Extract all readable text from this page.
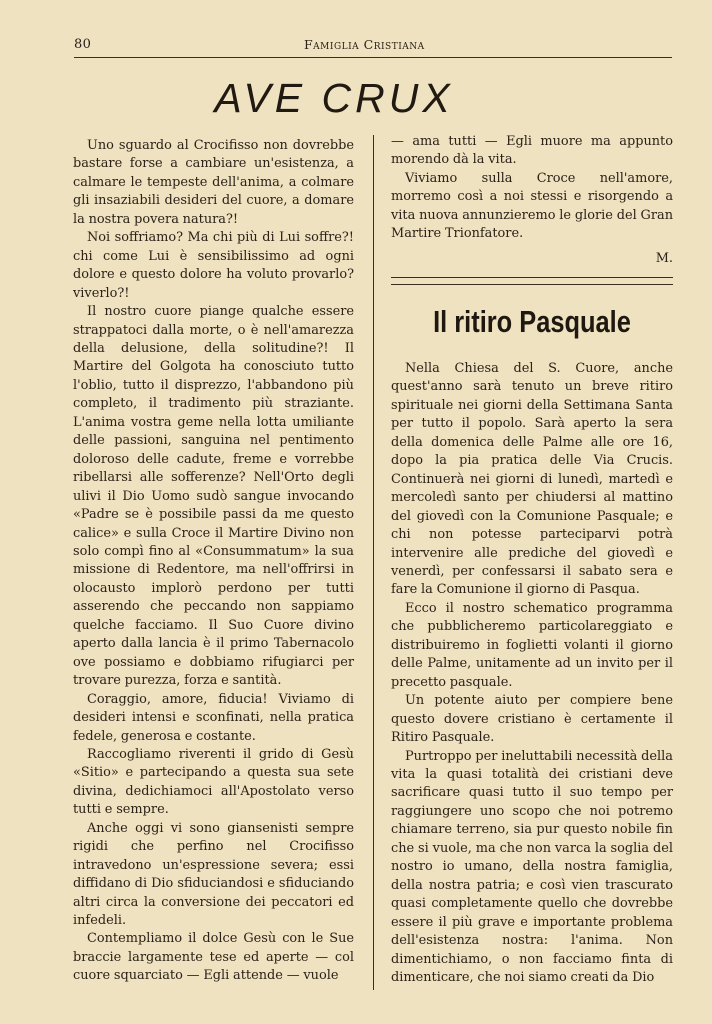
80	Famiglia Cristiana
AVE CRUX

Uno sguardo al Crocifisso non dovrebbe bastare forse a cambiare un'esistenza, a calmare le tempeste dell'anima, a colmare gli insaziabili desideri del cuore, a domare la nostra povera natura?!

Noi soffriamo? Ma chi più di Lui soffre?! chi come Lui è sensibilissimo ad ogni dolore e questo dolore ha voluto provarlo? viverlo?!

Il nostro cuore piange qualche essere strappatoci dalla morte, o è nell'amarezza della delusione, della solitudine?! Il Martire del Golgota ha conosciuto tutto l'oblio, tutto il disprezzo, l'abbandono più completo, il tradimento più straziante. L'anima vostra geme nella lotta umiliante delle passioni, sanguina nel pentimento doloroso delle cadute, freme e vorrebbe ribellarsi alle sofferenze? Nell'Orto degli ulivi il Dio Uomo sudò sangue invocando «Padre se è possibile passi da me questo calice» e sulla Croce il Martire Divino non solo compì fino al «Consummatum» la sua missione di Redentore, ma nell'offrirsi in olocausto implorò perdono per tutti asserendo che peccando non sappiamo quelche facciamo. Il Suo Cuore divino aperto dalla lancia è il primo Tabernacolo ove possiamo e dobbiamo rifugiarci per trovare purezza, forza e santità.

Coraggio, amore, fiducia! Viviamo di desideri intensi e sconfinati, nella pratica fedele, generosa e costante.

Raccogliamo riverenti il grido di Gesù «Sitio» e partecipando a questa sua sete divina, dedichiamoci all'Apostolato verso tutti e sempre.

Anche oggi vi sono giansenisti sempre rigidi che perfino nel Crocifisso intravedono un'espressione severa; essi diffidano di Dio sfiduciandosi e sfiduciando altri circa la conversione dei peccatori ed infedeli.

Contempliamo il dolce Gesù con le Sue braccie largamente tese ed aperte — col cuore squarciato — Egli attende — vuole

— ama tutti — Egli muore ma appunto morendo dà la vita.

Viviamo sulla Croce nell'amore, morremo così a noi stessi e risorgendo a vita nuova annunzieremo le glorie del Gran Martire Trionfatore.

M.
Il ritiro Pasquale

Nella Chiesa del S. Cuore, anche quest'anno sarà tenuto un breve ritiro spirituale nei giorni della Settimana Santa per tutto il popolo. Sarà aperto la sera della domenica delle Palme alle ore 16, dopo la pia pratica delle Via Crucis. Continuerà nei giorni di lunedì, martedì e mercoledì santo per chiudersi al mattino del giovedì con la Comunione Pasquale; e chi non potesse parteciparvi potrà intervenire alle prediche del giovedì e venerdì, per confessarsi il sabato sera e fare la Comunione il giorno di Pasqua.

Ecco il nostro schematico programma che pubblicheremo particolareggiato e distribuiremo in foglietti volanti il giorno delle Palme, unitamente ad un invito per il precetto pasquale.

Un potente aiuto per compiere bene questo dovere cristiano è certamente il Ritiro Pasquale.

Purtroppo per ineluttabili necessità della vita la quasi totalità dei cristiani deve sacrificare quasi tutto il suo tempo per raggiungere uno scopo che noi potremo chiamare terreno, sia pur questo nobile fin che si vuole, ma che non varca la soglia del nostro io umano, della nostra famiglia, della nostra patria; e così vien trascurato quasi completamente quello che dovrebbe essere il più grave e importante problema dell'esistenza nostra: l'anima. Non dimentichiamo, o non facciamo finta di dimenticare, che noi siamo creati da Dio
